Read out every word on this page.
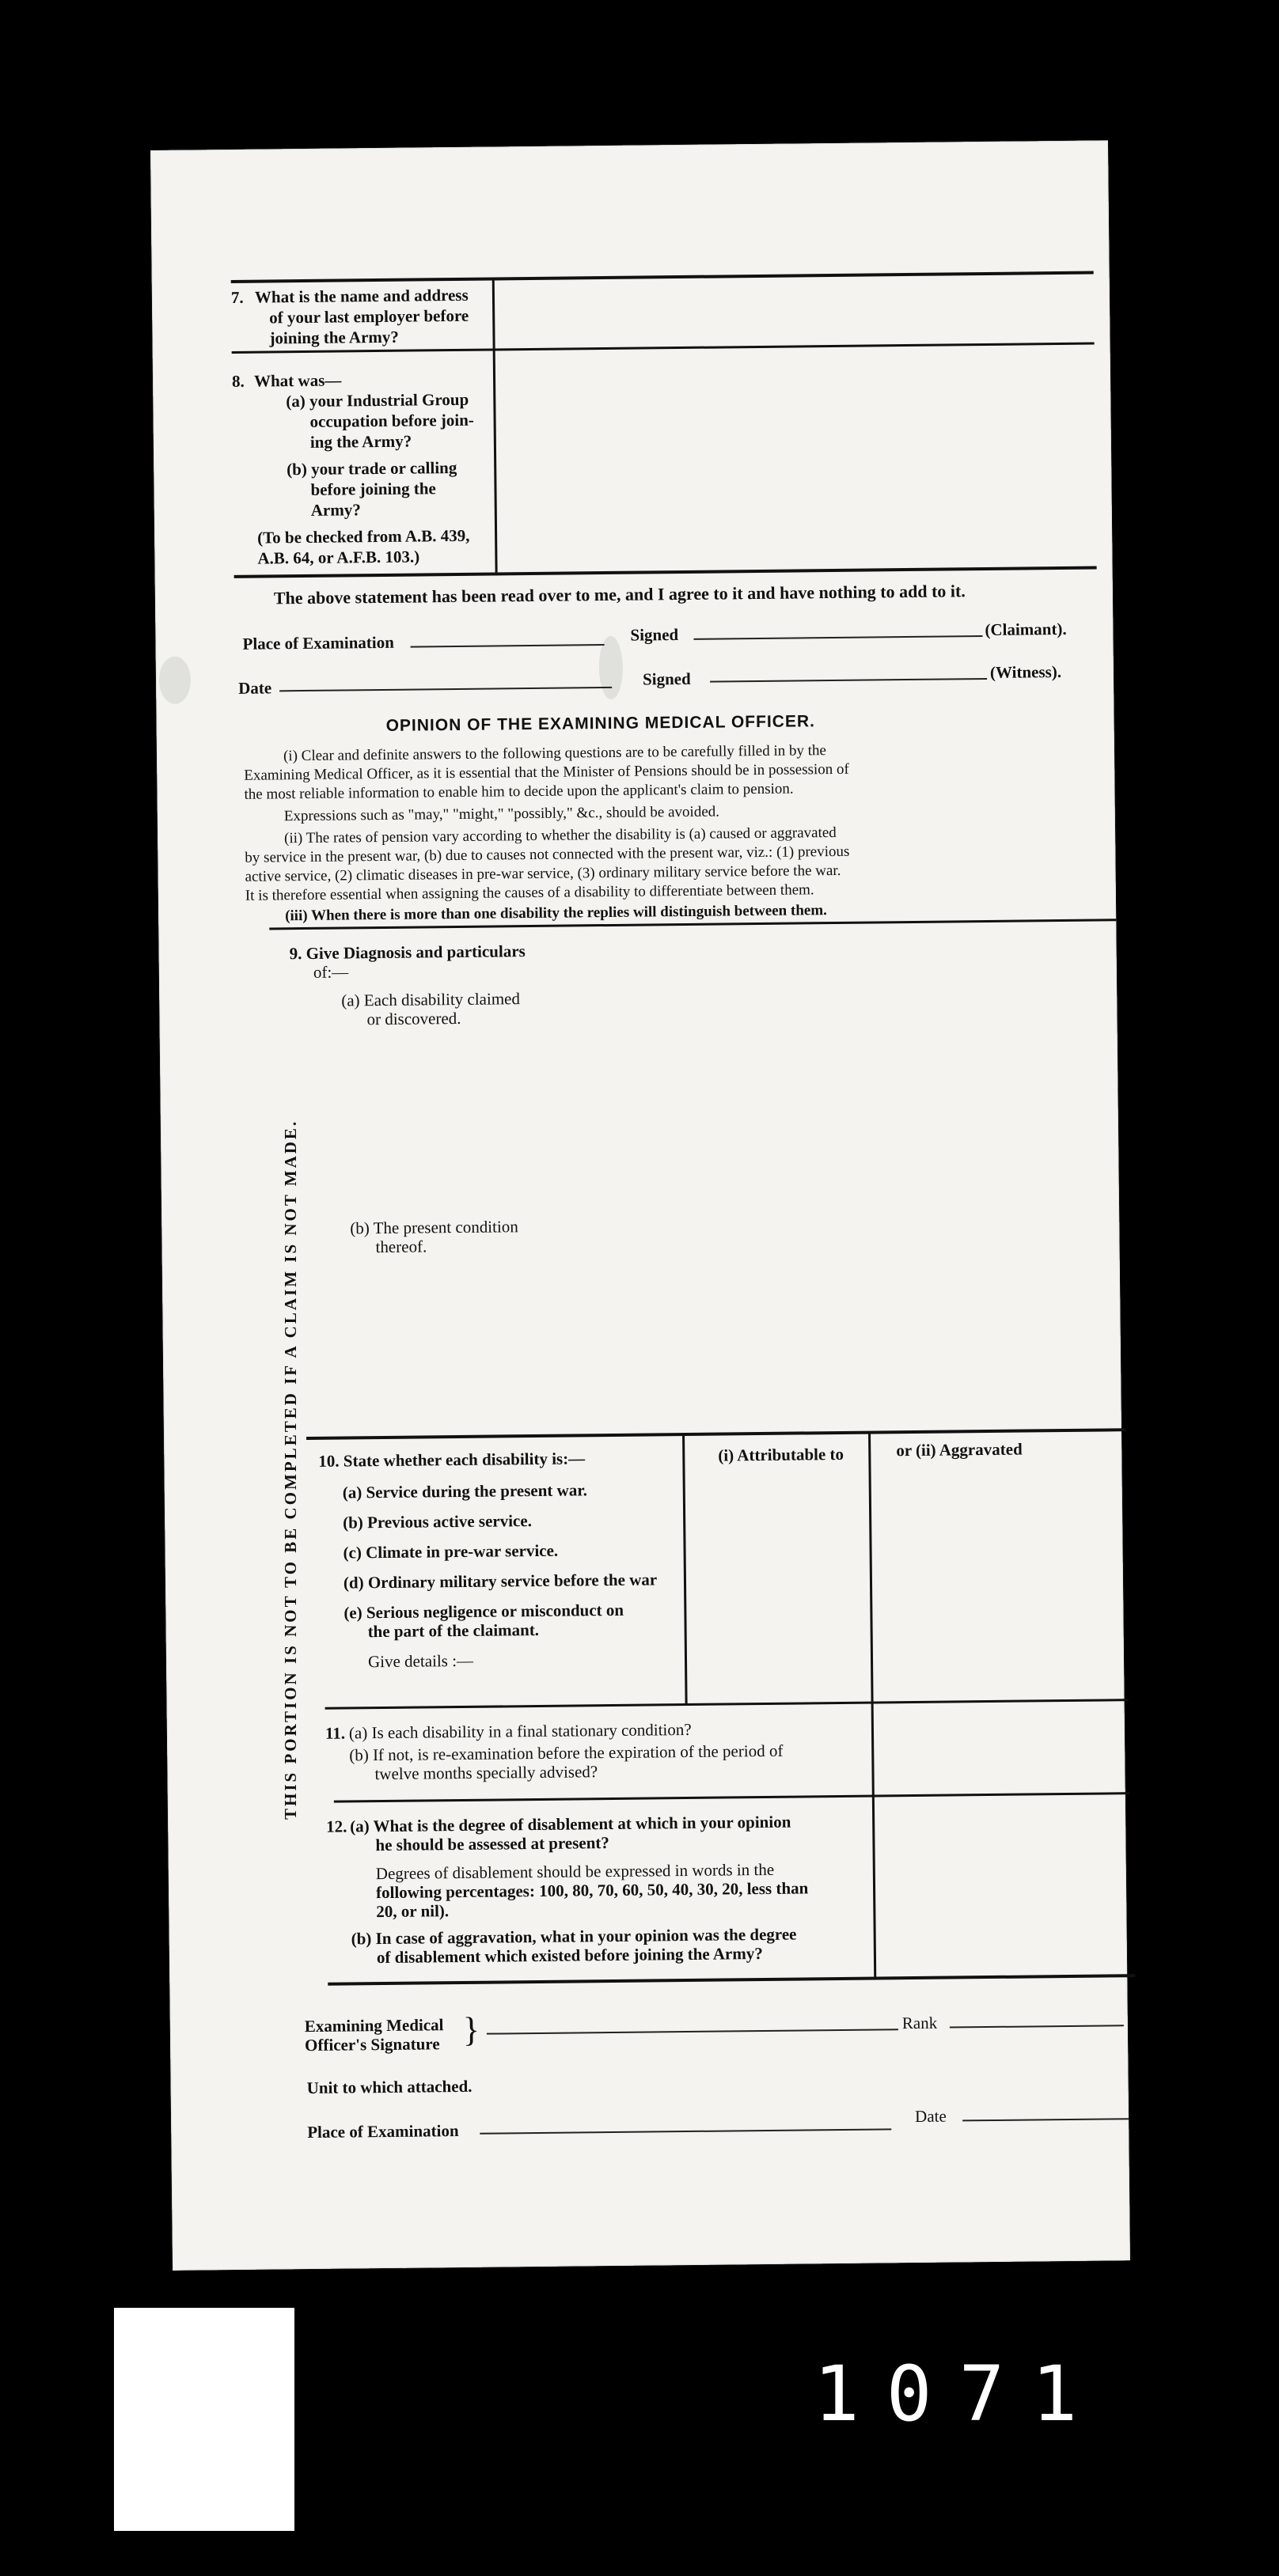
7. What is the name and address
of your last employer before
joining the Army?
8. What was—
(a) your Industrial Group
occupation before join-
ing the Army?
(b) your trade or calling
before joining the
Army?
(To be checked from A.B. 439,
A.B. 64, or A.F.B. 103.)
The above statement has been read over to me, and I agree to it and have nothing to add to it.
Place of Examination	Signed	(Claimant).
Date	Signed	(Witness).
OPINION OF THE EXAMINING MEDICAL OFFICER.
(i) Clear and definite answers to the following questions are to be carefully filled in by the
Examining Medical Officer, as it is essential that the Minister of Pensions should be in possession of
the most reliable information to enable him to decide upon the applicant's claim to pension.
Expressions such as "may," "might," "possibly," &c., should be avoided.
(ii) The rates of pension vary according to whether the disability is (a) caused or aggravated
by service in the present war, (b) due to causes not connected with the present war, viz.: (1) previous
active service, (2) climatic diseases in pre-war service, (3) ordinary military service before the war.
It is therefore essential when assigning the causes of a disability to differentiate between them.
(iii) When there is more than one disability the replies will distinguish between them.
9. Give Diagnosis and particulars
of:—
(a) Each disability claimed
or discovered.
(b) The present condition
thereof.
10. State whether each disability is:—	(i) Attributable to	or (ii) Aggravated
(a) Service during the present war.
(b) Previous active service.
(c) Climate in pre-war service.
(d) Ordinary military service before the war
(e) Serious negligence or misconduct on
the part of the claimant.
Give details :—
11. (a) Is each disability in a final stationary condition?
(b) If not, is re-examination before the expiration of the period of
twelve months specially advised?
12. (a) What is the degree of disablement at which in your opinion
he should be assessed at present?
Degrees of disablement should be expressed in words in the
following percentages: 100, 80, 70, 60, 50, 40, 30, 20, less than
20, or nil).
(b) In case of aggravation, what in your opinion was the degree
of disablement which existed before joining the Army?
Examining Medical
Officer's Signature }	Rank
Unit to which attached.
Place of Examination
Date
THIS PORTION IS NOT TO BE COMPLETED IF A CLAIM IS NOT MADE.
1071
